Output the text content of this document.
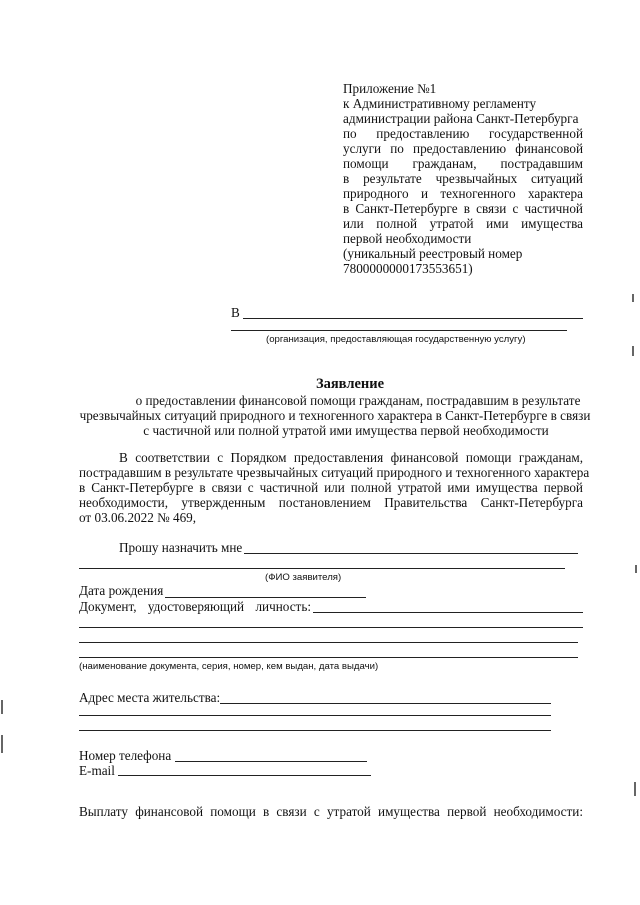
Приложение №1
к Административному регламенту
администрации района Санкт-Петербурга
по предоставлению государственной
услуги по предоставлению финансовой
помощи гражданам, пострадавшим
в результате чрезвычайных ситуаций
природного и техногенного характера
в Санкт-Петербурге в связи с частичной
или полной утратой ими имущества
первой необходимости
(уникальный реестровый номер
7800000000173553651)
В
(организация, предоставляющая государственную услугу)
Заявление
о предоставлении финансовой помощи гражданам, пострадавшим в результате
чрезвычайных ситуаций природного и техногенного характера в Санкт-Петербурге в связи
с частичной или полной утратой ими имущества первой необходимости
В соответствии с Порядком предоставления финансовой помощи гражданам,
пострадавшим в результате чрезвычайных ситуаций природного и техногенного характера
в Санкт-Петербурге в связи с частичной или полной утратой ими имущества первой
необходимости, утвержденным постановлением Правительства Санкт-Петербурга
от 03.06.2022 № 469,
Прошу назначить мне
(ФИО заявителя)
Дата рождения
Документ, удостоверяющий личность:
(наименование документа, серия, номер, кем выдан, дата выдачи)
Адрес места жительства:
Номер телефона
E-mail
Выплату финансовой помощи в связи с утратой имущества первой необходимости:
